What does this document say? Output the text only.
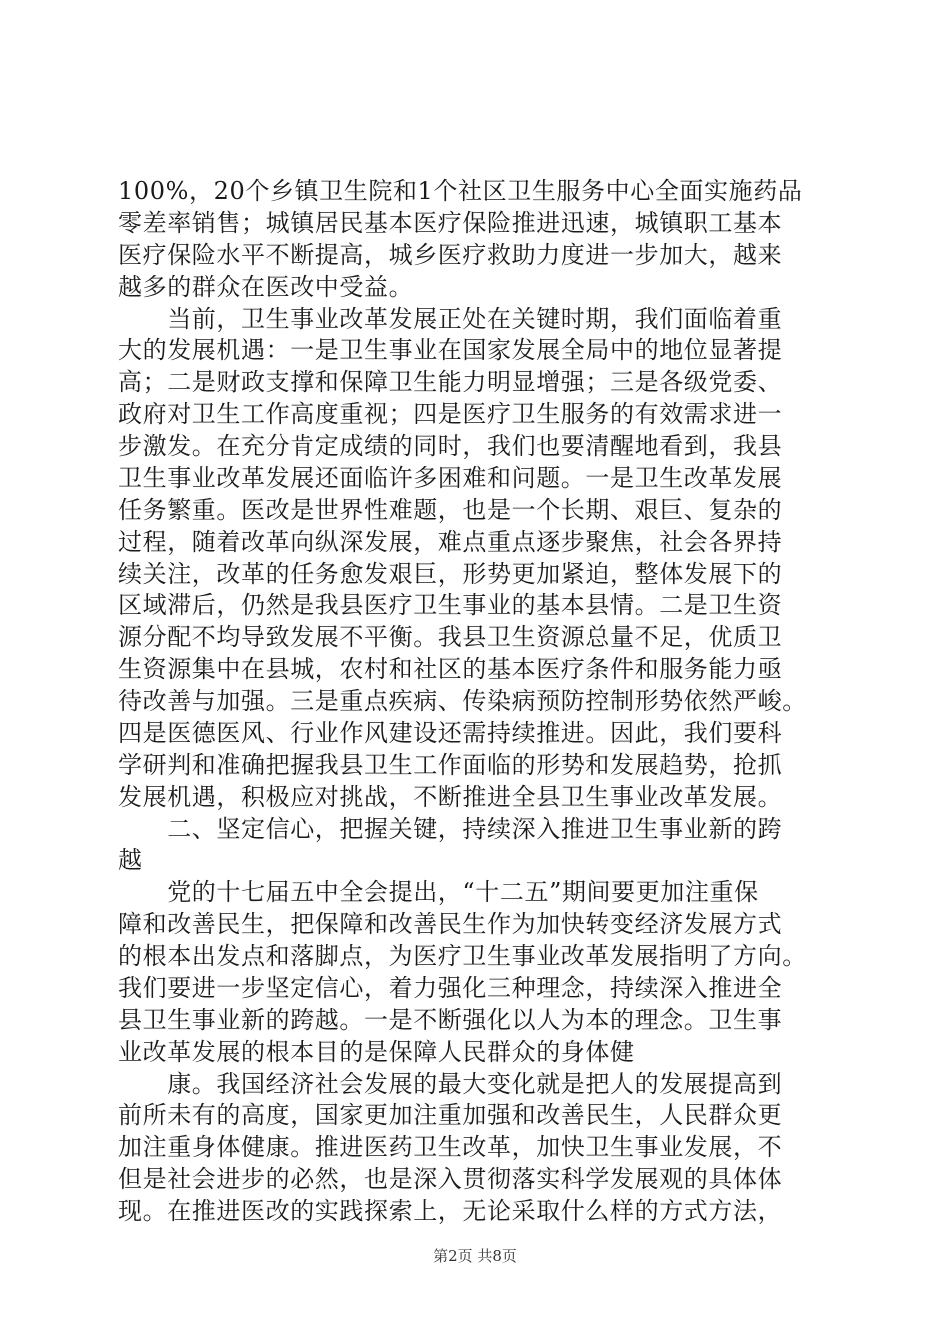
100%，20个乡镇卫生院和1个社区卫生服务中心全面实施药品
零差率销售；城镇居民基本医疗保险推进迅速，城镇职工基本
医疗保险水平不断提高，城乡医疗救助力度进一步加大，越来
越多的群众在医改中受益。
　　当前，卫生事业改革发展正处在关键时期，我们面临着重
大的发展机遇：一是卫生事业在国家发展全局中的地位显著提
高；二是财政支撑和保障卫生能力明显增强；三是各级党委、
政府对卫生工作高度重视；四是医疗卫生服务的有效需求进一
步激发。在充分肯定成绩的同时，我们也要清醒地看到，我县
卫生事业改革发展还面临许多困难和问题。一是卫生改革发展
任务繁重。医改是世界性难题，也是一个长期、艰巨、复杂的
过程，随着改革向纵深发展，难点重点逐步聚焦，社会各界持
续关注，改革的任务愈发艰巨，形势更加紧迫，整体发展下的
区域滞后，仍然是我县医疗卫生事业的基本县情。二是卫生资
源分配不均导致发展不平衡。我县卫生资源总量不足，优质卫
生资源集中在县城，农村和社区的基本医疗条件和服务能力亟
待改善与加强。三是重点疾病、传染病预防控制形势依然严峻。
四是医德医风、行业作风建设还需持续推进。因此，我们要科
学研判和准确把握我县卫生工作面临的形势和发展趋势，抢抓
发展机遇，积极应对挑战，不断推进全县卫生事业改革发展。
　　二、坚定信心，把握关键，持续深入推进卫生事业新的跨
越
　　党的十七届五中全会提出，“十二五”期间要更加注重保
障和改善民生，把保障和改善民生作为加快转变经济发展方式
的根本出发点和落脚点，为医疗卫生事业改革发展指明了方向。
我们要进一步坚定信心，着力强化三种理念，持续深入推进全
县卫生事业新的跨越。一是不断强化以人为本的理念。卫生事
业改革发展的根本目的是保障人民群众的身体健
　　康。我国经济社会发展的最大变化就是把人的发展提高到
前所未有的高度，国家更加注重加强和改善民生，人民群众更
加注重身体健康。推进医药卫生改革，加快卫生事业发展，不
第2页 共8页
但是社会进步的必然，也是深入贯彻落实科学发展观的具体体
现。在推进医改的实践探索上，无论采取什么样的方式方法，
